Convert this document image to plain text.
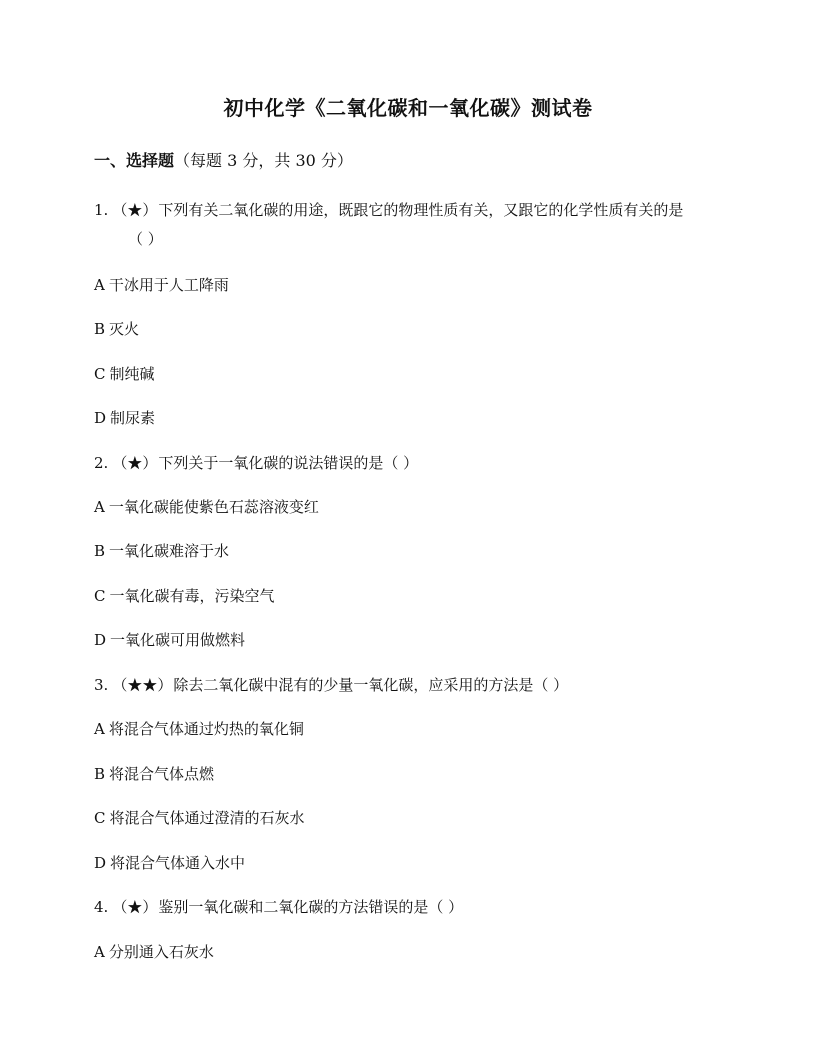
初中化学《二氧化碳和一氧化碳》测试卷
一、选择题（每题 3 分，共 30 分）
1. （★）下列有关二氧化碳的用途，既跟它的物理性质有关，又跟它的化学性质有关的是
（ ）
A 干冰用于人工降雨
B 灭火
C 制纯碱
D 制尿素
2. （★）下列关于一氧化碳的说法错误的是（ ）
A 一氧化碳能使紫色石蕊溶液变红
B 一氧化碳难溶于水
C 一氧化碳有毒，污染空气
D 一氧化碳可用做燃料
3. （★★）除去二氧化碳中混有的少量一氧化碳，应采用的方法是（ ）
A 将混合气体通过灼热的氧化铜
B 将混合气体点燃
C 将混合气体通过澄清的石灰水
D 将混合气体通入水中
4. （★）鉴别一氧化碳和二氧化碳的方法错误的是（ ）
A 分别通入石灰水
